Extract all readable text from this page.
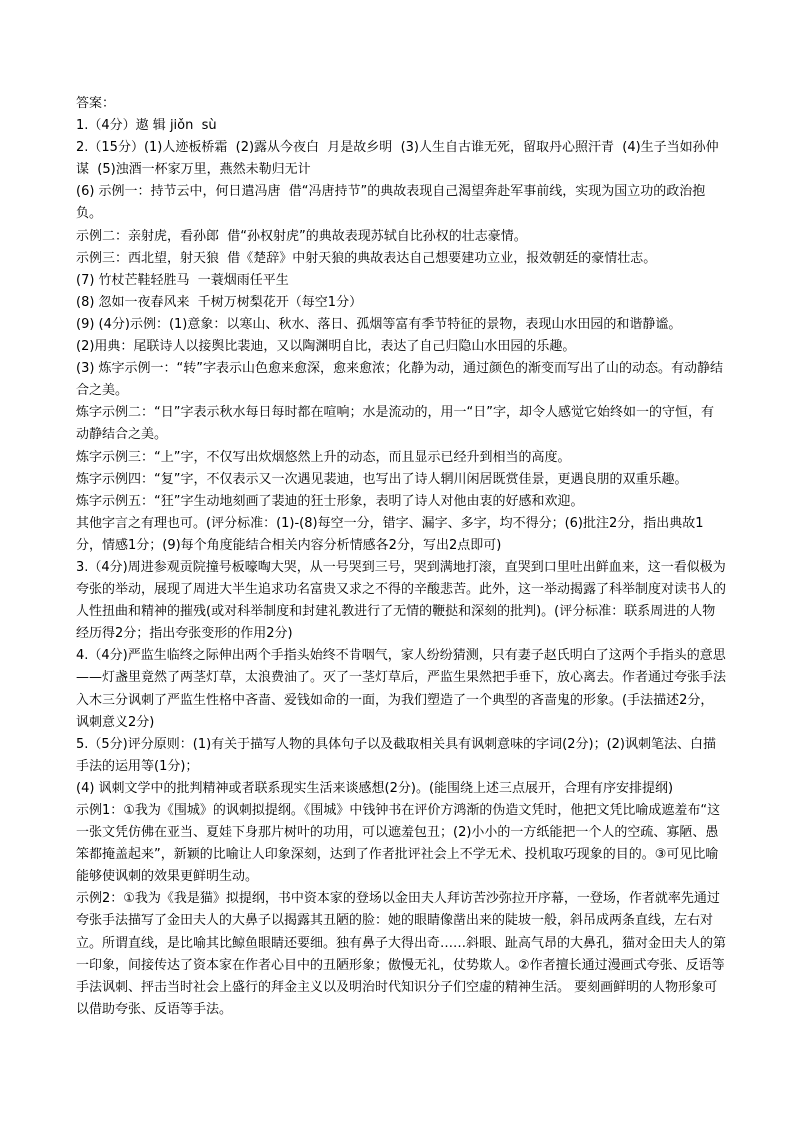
答案：
1.（4分）遨 辑 jiǒn  sù
2.（15分）(1)人迹板桥霜  (2)露从今夜白  月是故乡明  (3)人生自古谁无死，留取丹心照汗青  (4)生子当如孙仲谋  (5)浊酒一杯家万里，燕然未勒归无计
(6) 示例一：持节云中，何日遣冯唐  借“冯唐持节”的典故表现自己渴望奔赴军事前线，实现为国立功的政治抱负。
示例二：亲射虎，看孙郎  借“孙权射虎”的典故表现苏轼自比孙权的壮志豪情。
示例三：西北望，射天狼  借《楚辞》中射天狼的典故表达自己想要建功立业，报效朝廷的豪情壮志。
(7) 竹杖芒鞋轻胜马  一蓑烟雨任平生
(8) 忽如一夜春风来  千树万树梨花开（每空1分）
(9) (4分)示例：(1)意象：以寒山、秋水、落日、孤烟等富有季节特征的景物，表现山水田园的和谐静谧。
(2)用典：尾联诗人以接舆比裴迪，又以陶渊明自比，表达了自己归隐山水田园的乐趣。
(3) 炼字示例一：“转”字表示山色愈来愈深，愈来愈浓；化静为动，通过颜色的渐变而写出了山的动态。有动静结合之美。
炼字示例二：“日”字表示秋水每日每时都在喧响；水是流动的，用一“日”字，却令人感觉它始终如一的守恒，有动静结合之美。
炼字示例三：“上”字，不仅写出炊烟悠然上升的动态，而且显示已经升到相当的高度。
炼字示例四：“复”字，不仅表示又一次遇见裴迪，也写出了诗人辋川闲居既赏佳景，更遇良朋的双重乐趣。
炼字示例五：“狂”字生动地刻画了裴迪的狂士形象，表明了诗人对他由衷的好感和欢迎。
其他字言之有理也可。(评分标准：(1)-(8)每空一分，错字、漏字、多字，均不得分；(6)批注2分，指出典故1分，情感1分；(9)每个角度能结合相关内容分析情感各2分，写出2点即可)
3.（4分)周进参观贡院撞号板嚎啕大哭，从一号哭到三号，哭到满地打滚，直哭到口里吐出鲜血来，这一看似极为夸张的举动，展现了周进大半生追求功名富贵又求之不得的辛酸悲苦。此外，这一举动揭露了科举制度对读书人的人性扭曲和精神的摧残(或对科举制度和封建礼教进行了无情的鞭挞和深刻的批判)。(评分标准：联系周进的人物经历得2分；指出夸张变形的作用2分)
4.（4分)严监生临终之际伸出两个手指头始终不肯咽气，家人纷纷猜测，只有妻子赵氏明白了这两个手指头的意思——灯盏里竟然了两茎灯草，太浪费油了。灭了一茎灯草后，严监生果然把手垂下，放心离去。作者通过夸张手法入木三分讽刺了严监生性格中吝啬、爱钱如命的一面，为我们塑造了一个典型的吝啬鬼的形象。(手法描述2分，讽刺意义2分)
5.（5分)评分原则：(1)有关于描写人物的具体句子以及截取相关具有讽刺意味的字词(2分)；(2)讽刺笔法、白描手法的运用等(1分)；
(4) 讽刺文学中的批判精神或者联系现实生活来谈感想(2分)。(能围绕上述三点展开，合理有序安排提纲)
示例1：①我为《围城》的讽刺拟提纲。《围城》中钱钟书在评价方鸿渐的伪造文凭时，他把文凭比喻成遮羞布“这一张文凭仿佛在亚当、夏娃下身那片树叶的功用，可以遮羞包丑；(2)小小的一方纸能把一个人的空疏、寡陋、愚笨都掩盖起来”，新颖的比喻让人印象深刻，达到了作者批评社会上不学无术、投机取巧现象的目的。③可见比喻能够使讽刺的效果更鲜明生动。
示例2：①我为《我是猫》拟提纲，书中资本家的登场以金田夫人拜访苦沙弥拉开序幕，一登场，作者就率先通过夸张手法描写了金田夫人的大鼻子以揭露其丑陋的脸：她的眼睛像凿出来的陡坡一般，斜吊成两条直线，左右对立。所谓直线，是比喻其比鲸鱼眼睛还要细。独有鼻子大得出奇……斜眼、趾高气昂的大鼻孔，猫对金田夫人的第一印象，间接传达了资本家在作者心目中的丑陋形象；傲慢无礼，仗势欺人。②作者擅长通过漫画式夸张、反语等手法讽刺、抨击当时社会上盛行的拜金主义以及明治时代知识分子们空虚的精神生活。 要刻画鲜明的人物形象可以借助夸张、反语等手法。
